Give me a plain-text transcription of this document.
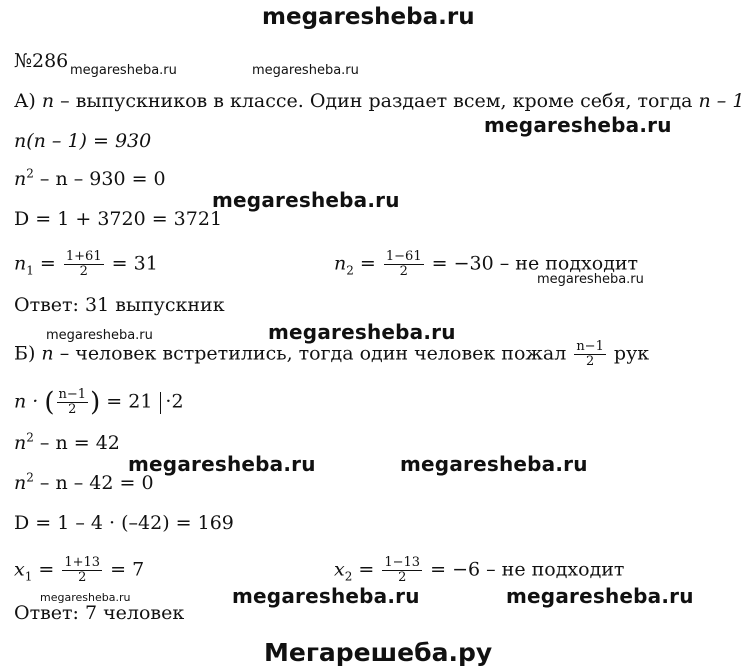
megaresheba.ru
№286 megaresheba.ru	megaresheba.ru
А) n – выпускников в классе. Один раздает всем, кроме себя, тогда n – 1
megaresheba.ru
n(n – 1) = 930
$n^2 - n - 930 = 0$
megaresheba.ru
D = 1 + 3720 = 3721
$n_1 = \frac{1+61}{2} = 31$	$n_2 = \frac{1-61}{2} = -30$ – не подходит
megaresheba.ru
Ответ: 31 выпускник
megaresheba.ru	megaresheba.ru
Б) n – человек встретились, тогда один человек пожал $\frac{n-1}{2}$ рук
n · ( $\frac{n-1}{2}$ ) = 21 ·2
$n^2 - n = 42$
megaresheba.ru	megaresheba.ru
$n^2 - n - 42 = 0$
D = 1 – 4 · (–42) = 169
$x_1 = \frac{1+13}{2} = 7$	$x_2 = \frac{1-13}{2} = -6$ – не подходит
megaresheba.ru	megaresheba.ru	megaresheba.ru
Ответ: 7 человек
Мегарешеба.ру
